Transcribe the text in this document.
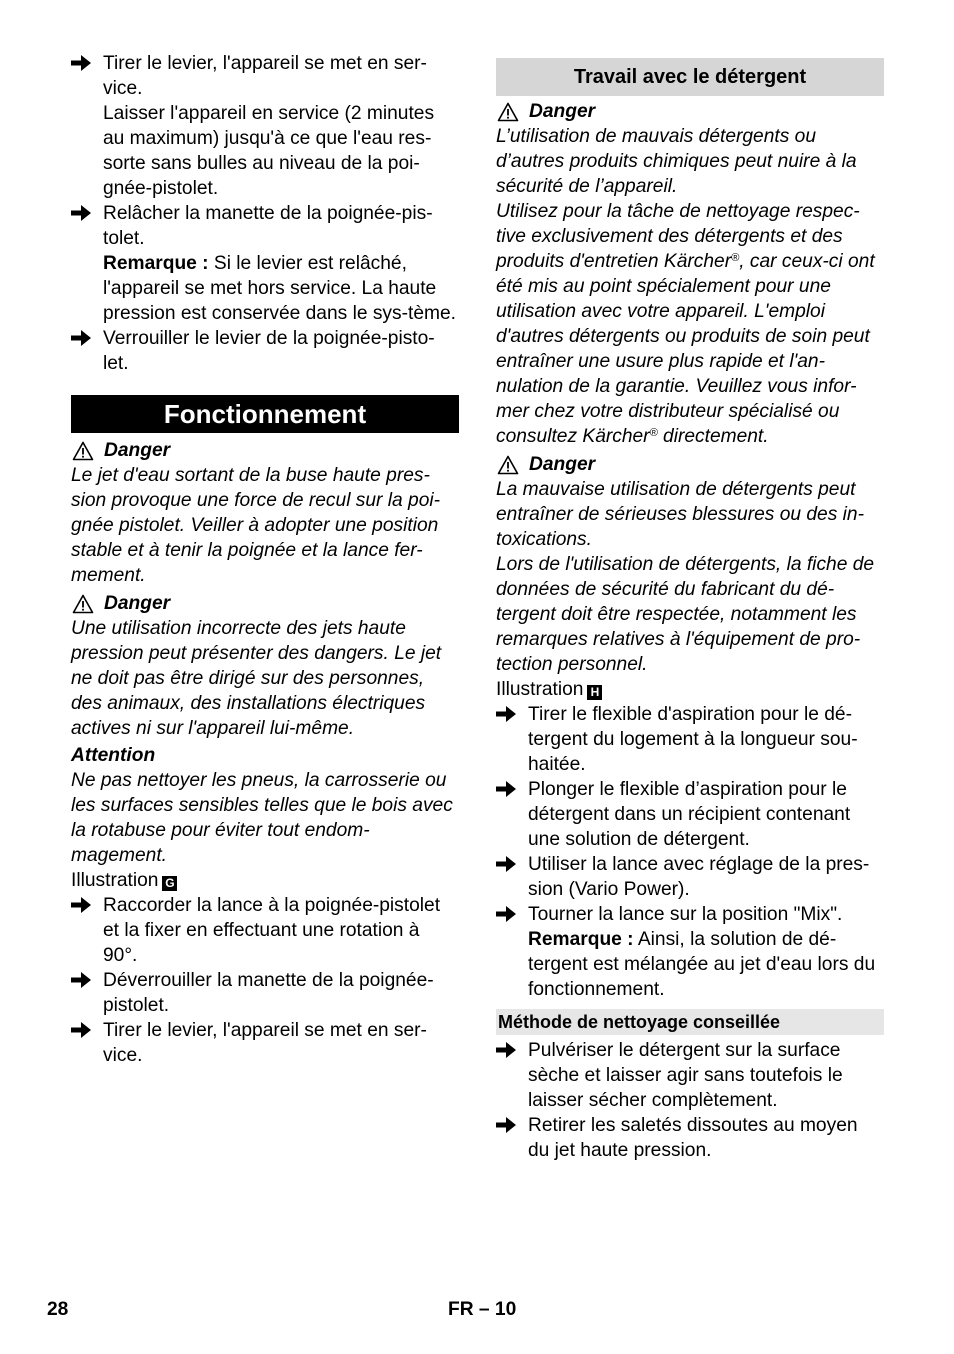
Tirer le levier, l'appareil se met en ser-
vice.

Laisser l'appareil en service (2 minutes au maximum) jusqu'à ce que l'eau res-sorte sans bulles au niveau de la poi-gnée-pistolet.

Relâcher la manette de la poignée-pis-tolet.

Remarque : Si le levier est relâché, l'appareil se met hors service. La haute pression est conservée dans le sys-tème.

Verrouiller le levier de la poignée-pisto-let.

Fonctionnement
Danger

Le jet d'eau sortant de la buse haute pres-sion provoque une force de recul sur la poi-gnée pistolet. Veiller à adopter une position stable et à tenir la poignée et la lance fer-mement.

Danger

Une utilisation incorrecte des jets haute pression peut présenter des dangers. Le jet ne doit pas être dirigé sur des personnes, des animaux, des installations électriques actives ni sur l'appareil lui-même.

Attention

Ne pas nettoyer les pneus, la carrosserie ou les surfaces sensibles telles que le bois avec la rotabuse pour éviter tout endom-magement.

Illustration G

Raccorder la lance à la poignée-pistolet et la fixer en effectuant une rotation à 90°.

Déverrouiller la manette de la poignée-pistolet.

Tirer le levier, l'appareil se met en ser-vice.

Travail avec le détergent
Danger

L’utilisation de mauvais détergents ou d’autres produits chimiques peut nuire à la sécurité de l’appareil.

Utilisez pour la tâche de nettoyage respec-tive exclusivement des détergents et des produits d'entretien Kärcher®, car ceux-ci ont été mis au point spécialement pour une utilisation avec votre appareil. L'emploi d'autres détergents ou produits de soin peut entraîner une usure plus rapide et l'an-nulation de la garantie. Veuillez vous infor-mer chez votre distributeur spécialisé ou consultez Kärcher® directement.

Danger

La mauvaise utilisation de détergents peut entraîner de sérieuses blessures ou des in-toxications.

Lors de l'utilisation de détergents, la fiche de données de sécurité du fabricant du dé-tergent doit être respectée, notamment les remarques relatives à l'équipement de pro-tection personnel.

Illustration H

Tirer le flexible d'aspiration pour le dé-tergent du logement à la longueur sou-haitée.

Plonger le flexible d’aspiration pour le détergent dans un récipient contenant une solution de détergent.

Utiliser la lance avec réglage de la pres-sion (Vario Power).

Tourner la lance sur la position "Mix".

Remarque : Ainsi, la solution de dé-tergent est mélangée au jet d'eau lors du fonctionnement.

Méthode de nettoyage conseillée

Pulvériser le détergent sur la surface sèche et laisser agir sans toutefois le laisser sécher complètement.

Retirer les saletés dissoutes au moyen du jet haute pression.

28	FR – 10
